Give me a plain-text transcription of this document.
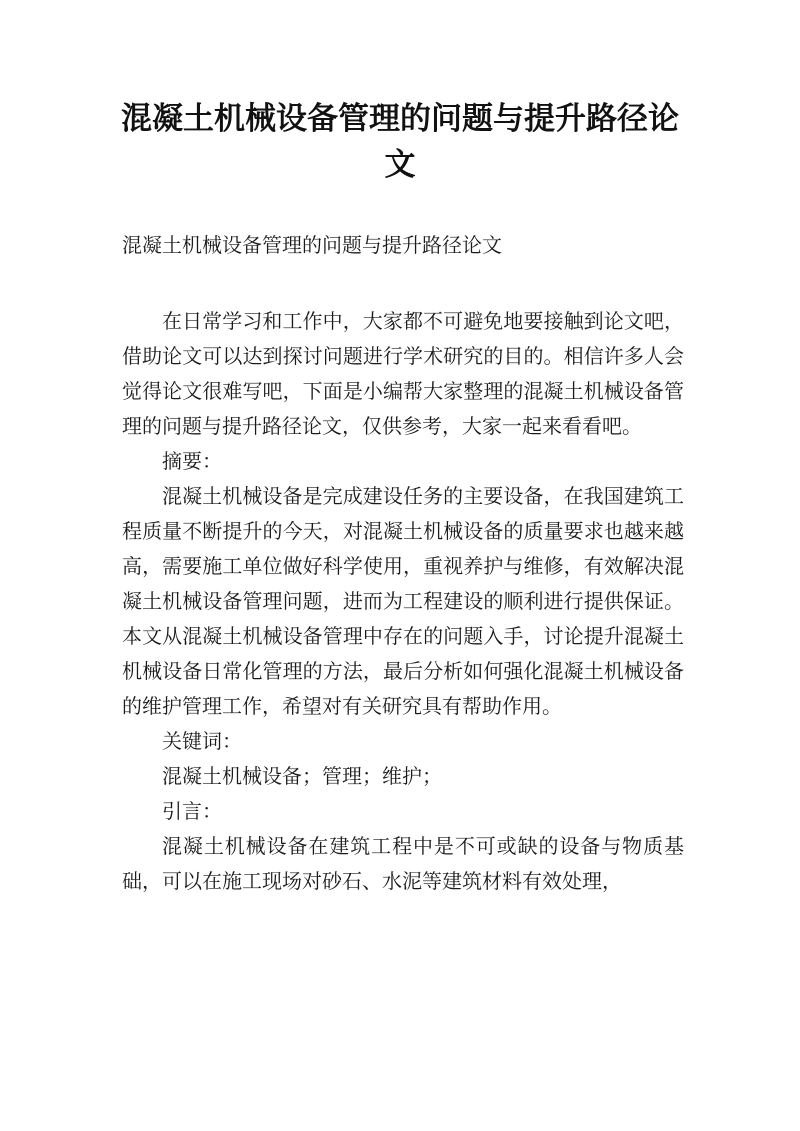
混凝土机械设备管理的问题与提升路径论文

混凝土机械设备管理的问题与提升路径论文

在日常学习和工作中，大家都不可避免地要接触到论文吧，借助论文可以达到探讨问题进行学术研究的目的。相信许多人会觉得论文很难写吧，下面是小编帮大家整理的混凝土机械设备管理的问题与提升路径论文，仅供参考，大家一起来看看吧。

摘要：

混凝土机械设备是完成建设任务的主要设备，在我国建筑工程质量不断提升的今天，对混凝土机械设备的质量要求也越来越高，需要施工单位做好科学使用，重视养护与维修，有效解决混凝土机械设备管理问题，进而为工程建设的顺利进行提供保证。本文从混凝土机械设备管理中存在的问题入手，讨论提升混凝土机械设备日常化管理的方法，最后分析如何强化混凝土机械设备的维护管理工作，希望对有关研究具有帮助作用。

关键词：

混凝土机械设备；管理；维护；

引言：

混凝土机械设备在建筑工程中是不可或缺的设备与物质基础，可以在施工现场对砂石、水泥等建筑材料有效处理，
